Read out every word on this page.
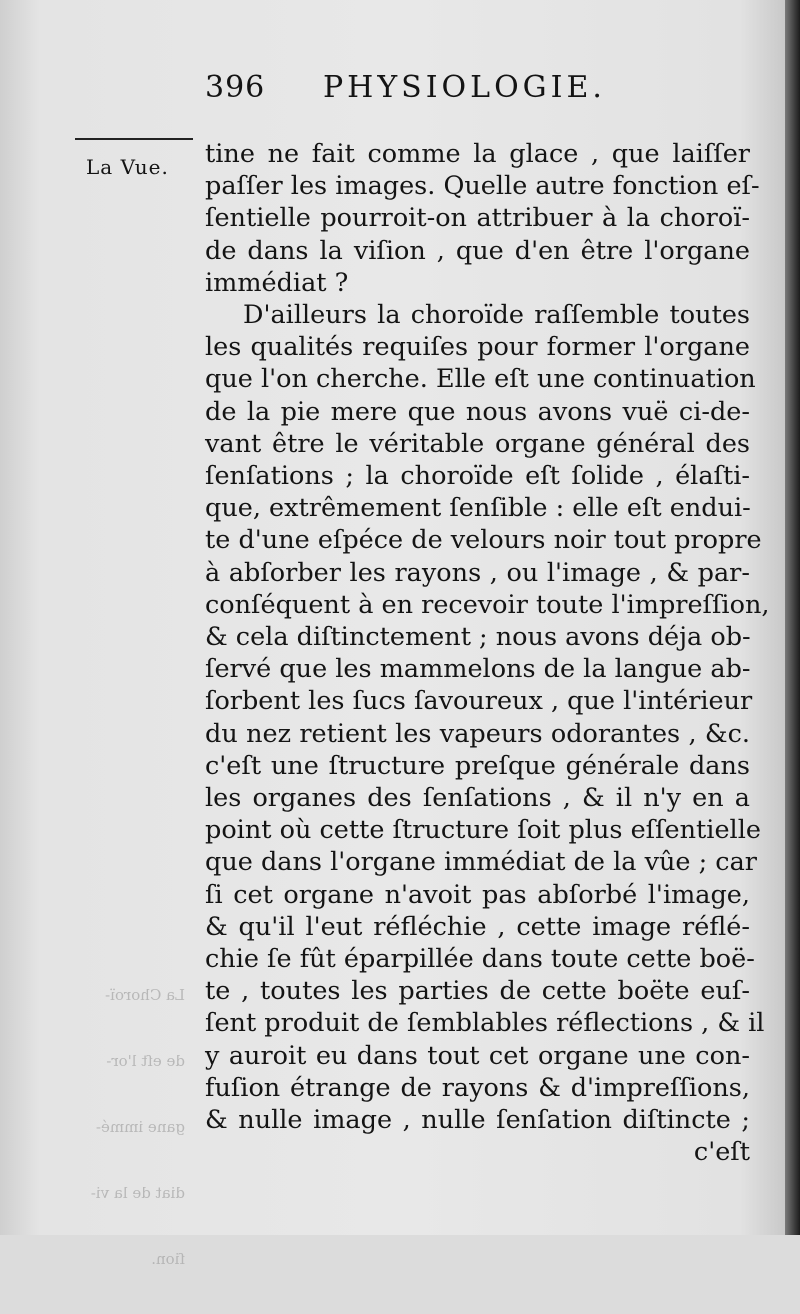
396 PHYSIOLOGIE.
La Vue.

La Choroï-

de eſt l'or-

gane immé-

diat de la vi-

ſion.

tine ne fait comme la glace , que laiſſer
paſſer les images. Quelle autre fonction eſ-
ſentielle pourroit-on attribuer à la choroï-
de dans la viſion , que d'en être l'organe
immédiat ?
D'ailleurs la choroïde raſſemble toutes
les qualités requiſes pour former l'organe
que l'on cherche. Elle eſt une continuation
de la pie mere que nous avons vuë ci-de-
vant être le véritable organe général des
ſenſations ; la choroïde eſt ſolide , élaſti-
que, extrêmement ſenſible : elle eſt endui-
te d'une eſpéce de velours noir tout propre
à abſorber les rayons , ou l'image , & par-
conſéquent à en recevoir toute l'impreſſion,
& cela diſtinctement ; nous avons déja ob-
ſervé que les mammelons de la langue ab-
ſorbent les ſucs ſavoureux , que l'intérieur
du nez retient les vapeurs odorantes , &c.
c'eſt une ſtructure preſque générale dans
les organes des ſenſations , & il n'y en a
point où cette ſtructure ſoit plus eſſentielle
que dans l'organe immédiat de la vûe ; car
ſi cet organe n'avoit pas abſorbé l'image,
& qu'il l'eut réfléchie , cette image réflé-
chie ſe fût éparpillée dans toute cette boë-
te , toutes les parties de cette boëte euſ-
ſent produit de ſemblables réflections , & il
y auroit eu dans tout cet organe une con-
fuſion étrange de rayons & d'impreſſions,
& nulle image , nulle ſenſation diſtincte ;
c'eſt
